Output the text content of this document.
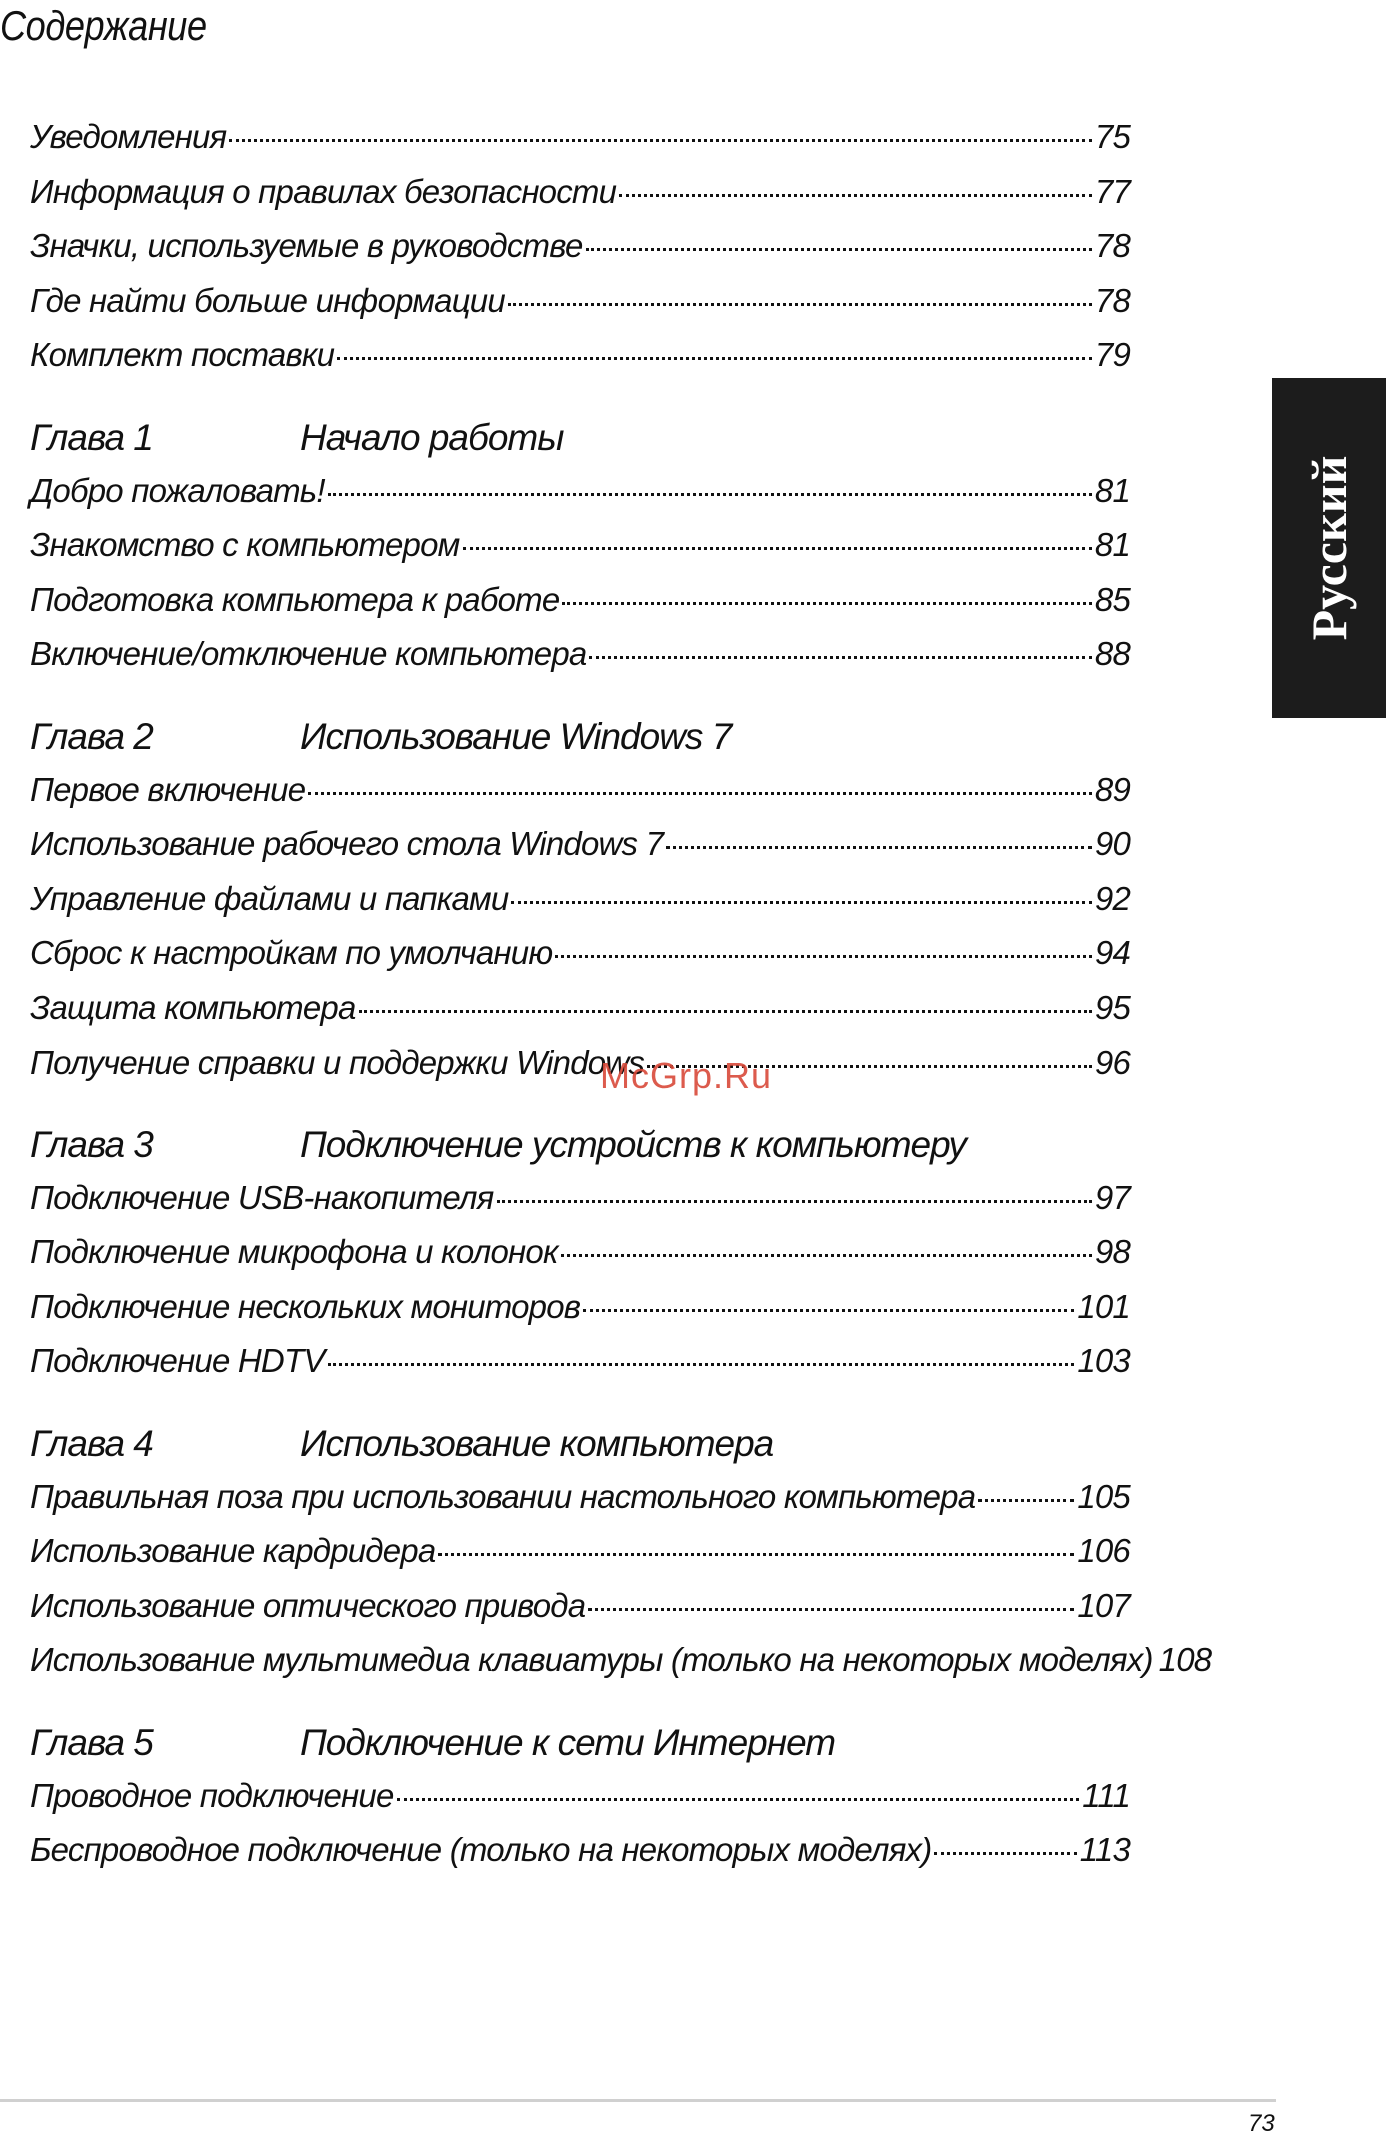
Содержание
Уведомления	75
Информация о правилах безопасности	77
Значки, используемые в руководстве	78
Где найти больше информации	78
Комплект поставки	79
Глава 1	Начало работы
Добро пожаловать!	81
Знакомство с компьютером	81
Подготовка компьютера к работе	85
Включение/отключение компьютера	88
Глава 2	Использование Windows 7
Первое включение	89
Использование рабочего стола Windows 7	90
Управление файлами и папками	92
Сброс к настройкам по умолчанию	94
Защита компьютера	95
Получение справки и поддержки Windows	96
Глава 3	Подключение устройств к компьютеру
Подключение USB-накопителя	97
Подключение микрофона и колонок	98
Подключение нескольких мониторов	101
Подключение HDTV	103
Глава 4	Использование компьютера
Правильная поза при использовании настольного компьютера	105
Использование кардридера	106
Использование оптического привода	107
Использование мультимедиа клавиатуры (только на некоторых моделях) 108
Глава 5	Подключение к сети Интернет
Проводное подключение	111
Беспроводное подключение (только на некоторых моделях)	113
McGrp.Ru
Русский
73
